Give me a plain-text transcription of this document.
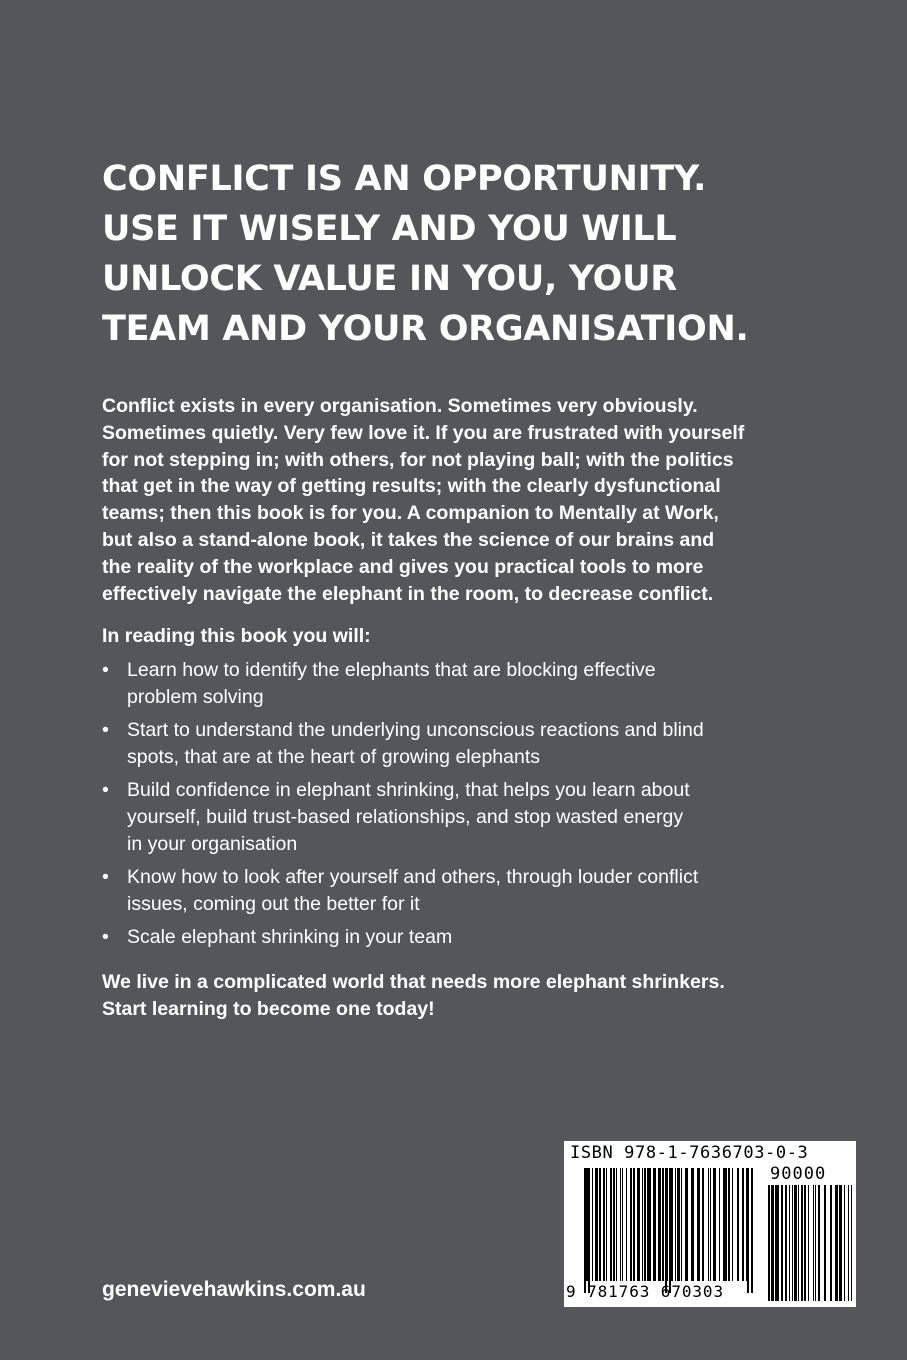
CONFLICT IS AN OPPORTUNITY.
USE IT WISELY AND YOU WILL
UNLOCK VALUE IN YOU, YOUR
TEAM AND YOUR ORGANISATION.

Conflict exists in every organisation. Sometimes very obviously.
Sometimes quietly. Very few love it. If you are frustrated with yourself
for not stepping in; with others, for not playing ball; with the politics
that get in the way of getting results; with the clearly dysfunctional
teams; then this book is for you. A companion to Mentally at Work,
but also a stand-alone book, it takes the science of our brains and
the reality of the workplace and gives you practical tools to more
effectively navigate the elephant in the room, to decrease conflict.

In reading this book you will:

• Learn how to identify the elephants that are blocking effective
problem solving
• Start to understand the underlying unconscious reactions and blind
spots, that are at the heart of growing elephants
• Build confidence in elephant shrinking, that helps you learn about
yourself, build trust-based relationships, and stop wasted energy
in your organisation
• Know how to look after yourself and others, through louder conflict
issues, coming out the better for it
• Scale elephant shrinking in your team

We live in a complicated world that needs more elephant shrinkers.
Start learning to become one today!

genevievehawkins.com.au

ISBN 978-1-7636703-0-3
90000
9 781763 670303
